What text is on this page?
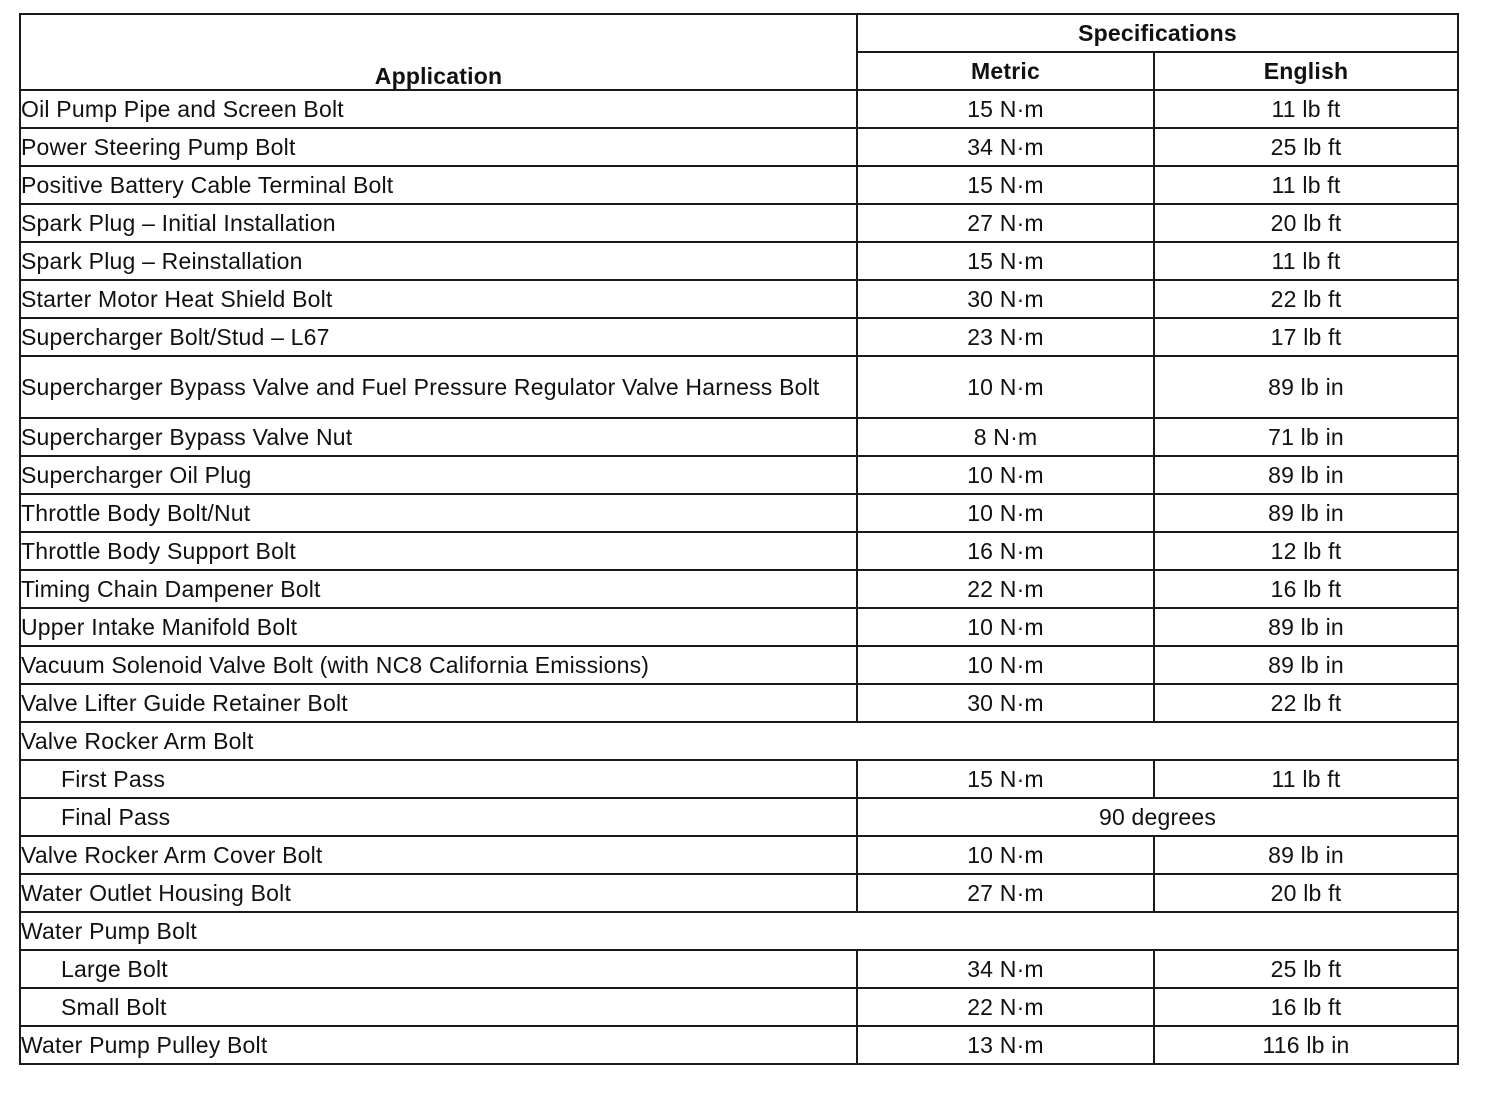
Application	Specifications	
	Metric	English
Oil Pump Pipe and Screen Bolt	15 N·m	11 lb ft
Power Steering Pump Bolt	34 N·m	25 lb ft
Positive Battery Cable Terminal Bolt	15 N·m	11 lb ft
Spark Plug – Initial Installation	27 N·m	20 lb ft
Spark Plug – Reinstallation	15 N·m	11 lb ft
Starter Motor Heat Shield Bolt	30 N·m	22 lb ft
Supercharger Bolt/Stud – L67	23 N·m	17 lb ft
Supercharger Bypass Valve and Fuel Pressure Regulator Valve Harness Bolt	10 N·m	89 lb in
Supercharger Bypass Valve Nut	8 N·m	71 lb in
Supercharger Oil Plug	10 N·m	89 lb in
Throttle Body Bolt/Nut	10 N·m	89 lb in
Throttle Body Support Bolt	16 N·m	12 lb ft
Timing Chain Dampener Bolt	22 N·m	16 lb ft
Upper Intake Manifold Bolt	10 N·m	89 lb in
Vacuum Solenoid Valve Bolt (with NC8 California Emissions)	10 N·m	89 lb in
Valve Lifter Guide Retainer Bolt	30 N·m	22 lb ft
Valve Rocker Arm Bolt		
First Pass	15 N·m	11 lb ft
Final Pass	90 degrees	
Valve Rocker Arm Cover Bolt	10 N·m	89 lb in
Water Outlet Housing Bolt	27 N·m	20 lb ft
Water Pump Bolt		
Large Bolt	34 N·m	25 lb ft
Small Bolt	22 N·m	16 lb ft
Water Pump Pulley Bolt	13 N·m	116 lb in
